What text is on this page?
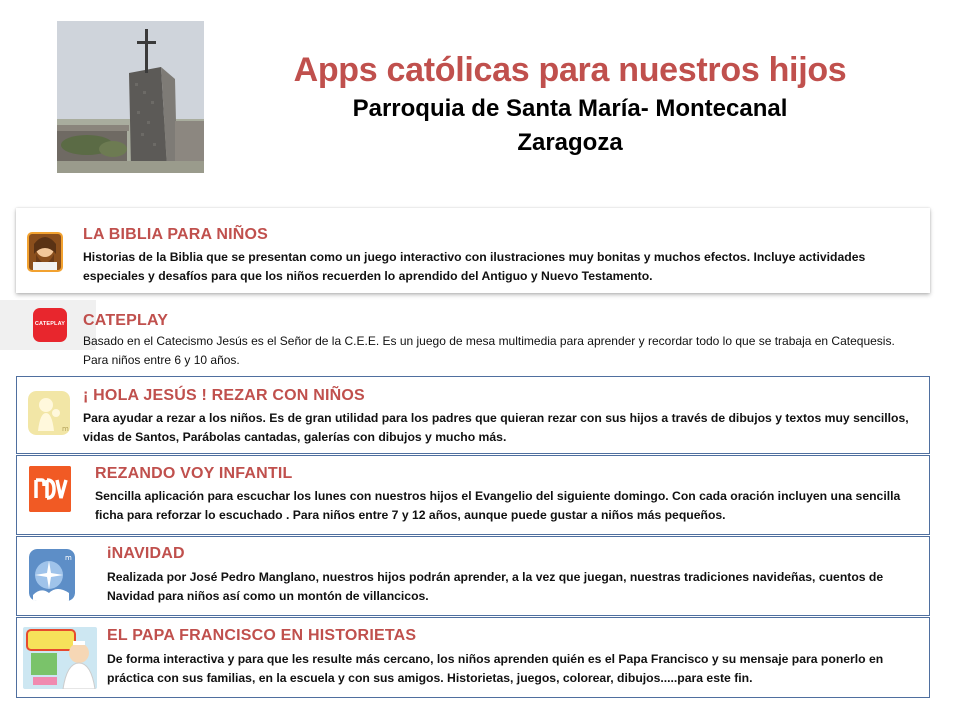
Apps católicas para nuestros hijos
Parroquia de Santa María- Montecanal
Zaragoza
LA BIBLIA PARA NIÑOS
Historias de la Biblia que se presentan como un juego interactivo con ilustraciones muy bonitas y muchos efectos. Incluye actividades especiales y desafíos para que los niños recuerden lo aprendido del Antiguo y Nuevo Testamento.
CATEPLAY CATEPLAY
Basado en el Catecismo Jesús es el Señor de la C.E.E. Es un juego de mesa multimedia para aprender y recordar todo lo que se trabaja en Catequesis. Para niños entre 6 y 10 años.
m
¡ HOLA JESÚS ! REZAR CON NIÑOS
Para ayudar a rezar a los niños. Es de gran utilidad para los padres que quieran rezar con sus hijos a través de dibujos y textos muy sencillos, vidas de Santos, Parábolas cantadas, galerías con dibujos y mucho más.
REZANDO VOY INFANTIL
Sencilla aplicación para escuchar los lunes con nuestros hijos el Evangelio del siguiente domingo. Con cada oración incluyen una sencilla ficha para reforzar lo escuchado . Para niños entre 7 y 12 años, aunque puede gustar a niños más pequeños.
m iNAVIDAD
Realizada por José Pedro Manglano, nuestros hijos podrán aprender, a la vez que juegan, nuestras tradiciones navideñas, cuentos de Navidad para niños así como un montón de villancicos.
EL PAPA FRANCISCO EN HISTORIETAS
De forma interactiva y para que les resulte más cercano, los niños aprenden quién es el Papa Francisco y su mensaje para ponerlo en práctica con sus familias, en la escuela y con sus amigos. Historietas, juegos, colorear, dibujos.....para este fin.
